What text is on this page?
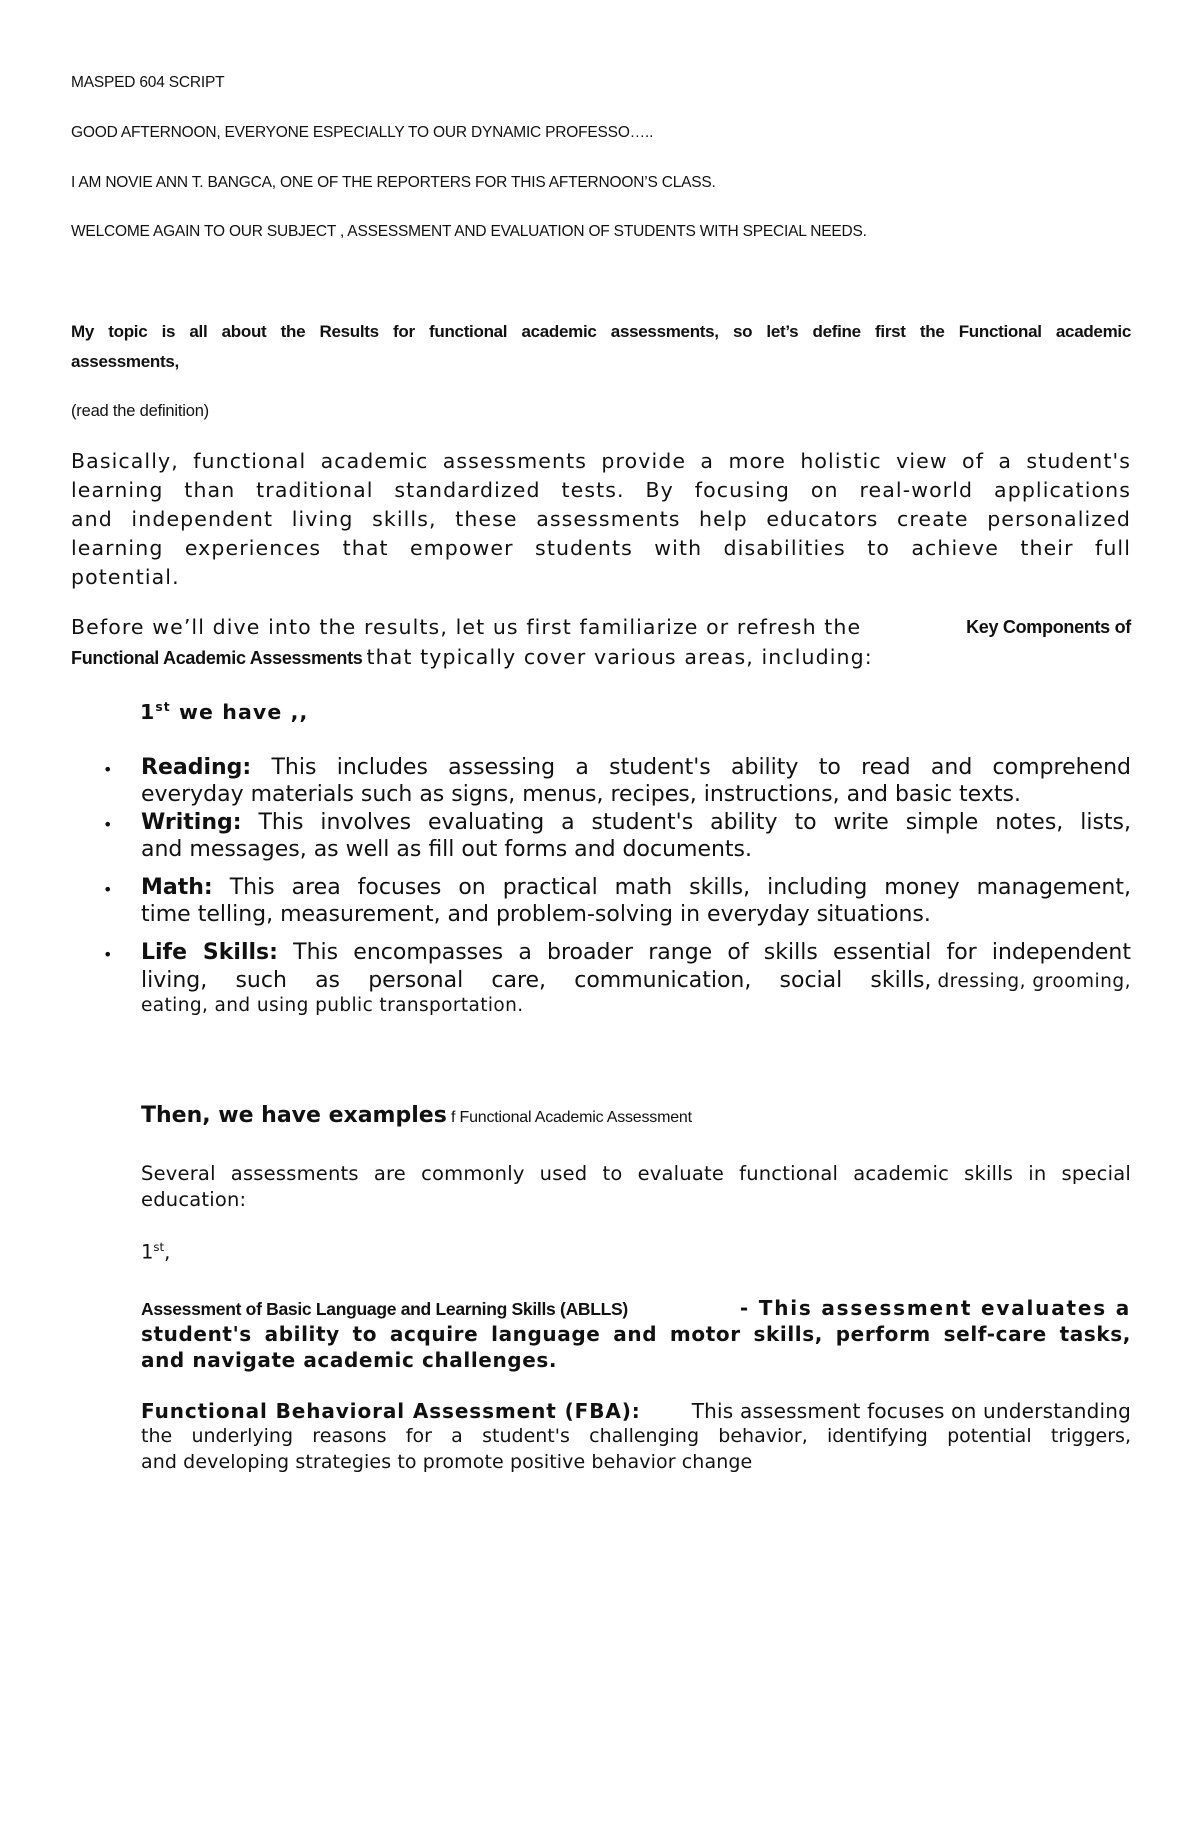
MASPED 604 SCRIPT
GOOD AFTERNOON, EVERYONE ESPECIALLY TO OUR DYNAMIC PROFESSO…..
I AM NOVIE ANN T. BANGCA, ONE OF THE REPORTERS FOR THIS AFTERNOON’S CLASS.
WELCOME AGAIN TO OUR SUBJECT , ASSESSMENT AND EVALUATION OF STUDENTS WITH SPECIAL NEEDS.
My topic is all about the Results for functional academic assessments, so let’s define first the Functional academic
assessments,
(read the definition)
Basically, functional academic assessments provide a more holistic view of a student's
learning than traditional standardized tests. By focusing on real-world applications
and independent living skills, these assessments help educators create personalized
learning experiences that empower students with disabilities to achieve their full
potential.
Before we’ll dive into the results, let us first familiarize or refresh the	Key Components of
Functional Academic Assessments that typically cover various areas, including:
1st we have ,,
• Reading: This includes assessing a student's ability to read and comprehend
everyday materials such as signs, menus, recipes, instructions, and basic texts.
• Writing: This involves evaluating a student's ability to write simple notes, lists,
and messages, as well as fill out forms and documents.
• Math: This area focuses on practical math skills, including money management,
time telling, measurement, and problem-solving in everyday situations.
• Life Skills: This encompasses a broader range of skills essential for independent
living, such as personal care, communication, social skills, dressing, grooming,
eating, and using public transportation.
Then, we have examples f Functional Academic Assessment
Several assessments are commonly used to evaluate functional academic skills in special
education:
1st,
Assessment of Basic Language and Learning Skills (ABLLS)	- This assessment evaluates a
student's ability to acquire language and motor skills, perform self-care tasks,
and navigate academic challenges.
Functional Behavioral Assessment (FBA):	This assessment focuses on understanding
the underlying reasons for a student's challenging behavior, identifying potential triggers,
and developing strategies to promote positive behavior change
